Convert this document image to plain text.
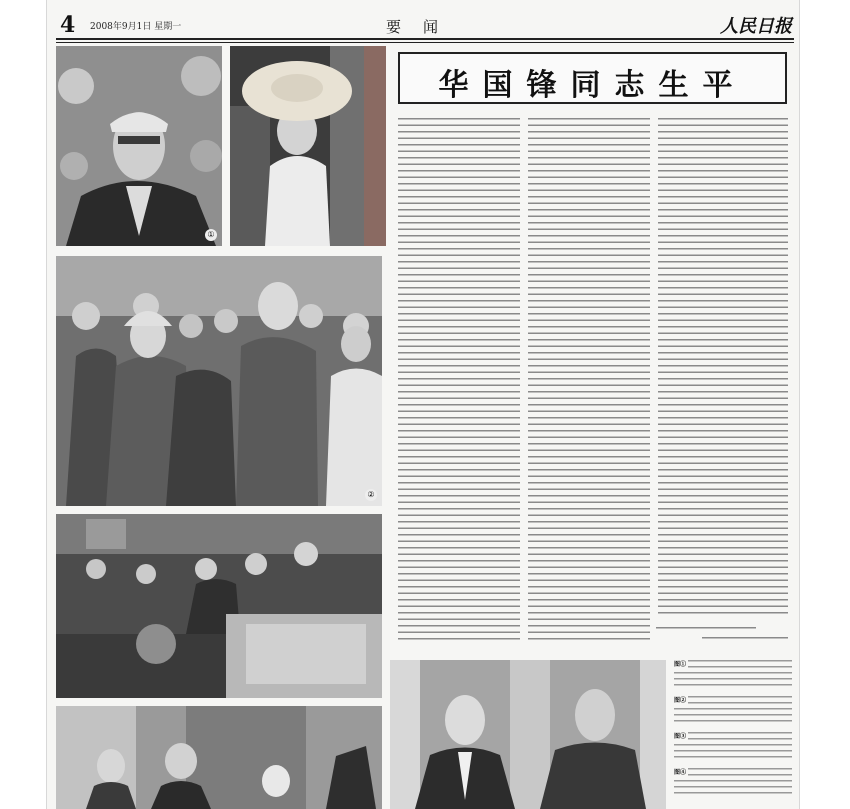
4 2008年9月1日 星期一	要闻	人民日报
①
②
华国锋同志生平
图①
图②
图③
图④
